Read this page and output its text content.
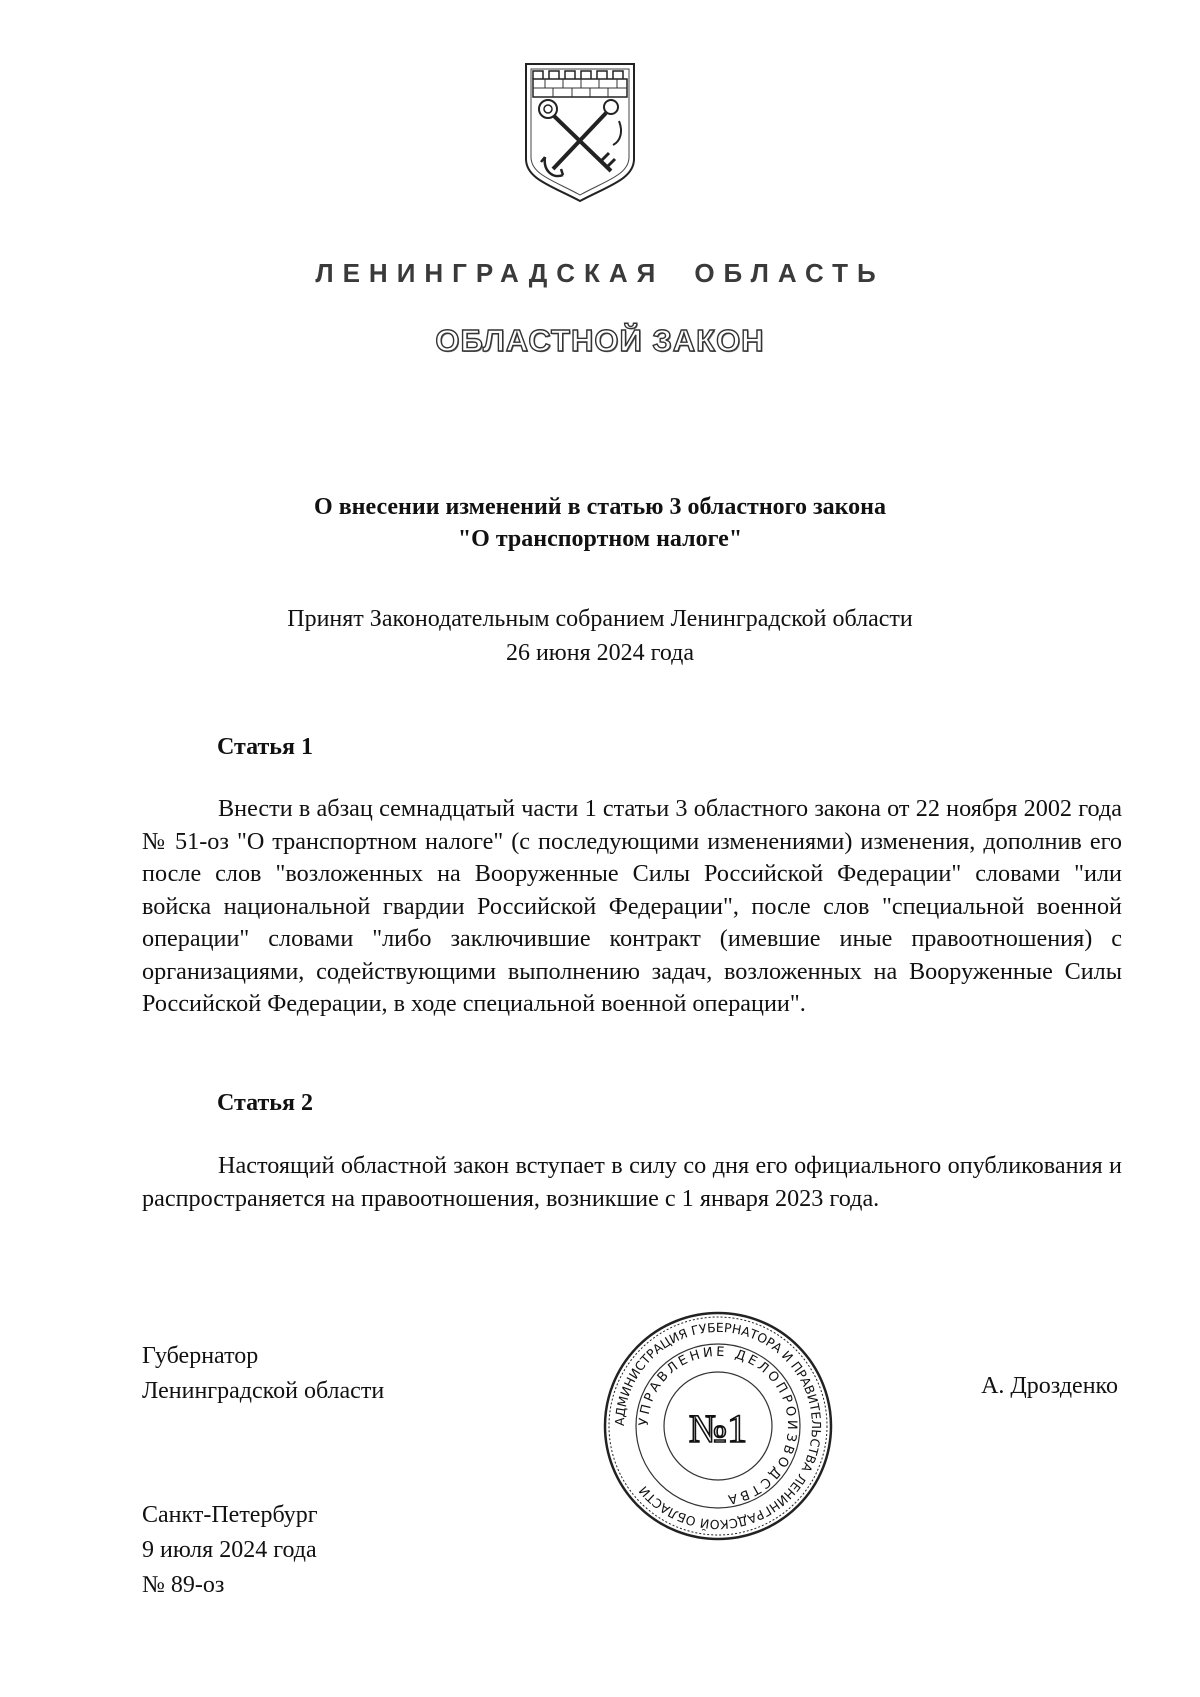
ЛЕНИНГРАДСКАЯ ОБЛАСТЬ
ОБЛАСТНОЙ ЗАКОН
О внесении изменений в статью 3 областного закона
"О транспортном налоге"
Принят Законодательным собранием Ленинградской области
26 июня 2024 года
Статья 1
Внести в абзац семнадцатый части 1 статьи 3 областного закона от 22 ноября 2002 года № 51-оз "О транспортном налоге" (с последующими изменениями) изменения, дополнив его после слов "возложенных на Вооруженные Силы Российской Федерации" словами "или войска национальной гвардии Российской Федерации", после слов "специальной военной операции" словами "либо заключившие контракт (имевшие иные правоотношения) с организациями, содействующими выполнению задач, возложенных на Вооруженные Силы Российской Федерации, в ходе специальной военной операции".
Статья 2
Настоящий областной закон вступает в силу со дня его официального опубликования и распространяется на правоотношения, возникшие с 1 января 2023 года.
Губернатор
Ленинградской области	А. Дрозденко
АДМИНИСТРАЦИЯ ГУБЕРНАТОРА И ПРАВИТЕЛЬСТВА ЛЕНИНГРАДСКОЙ ОБЛАСТИ
УПРАВЛЕНИЕ ДЕЛОПРОИЗВОДСТВА
№1
Санкт-Петербург
9 июля 2024 года
№ 89-оз
